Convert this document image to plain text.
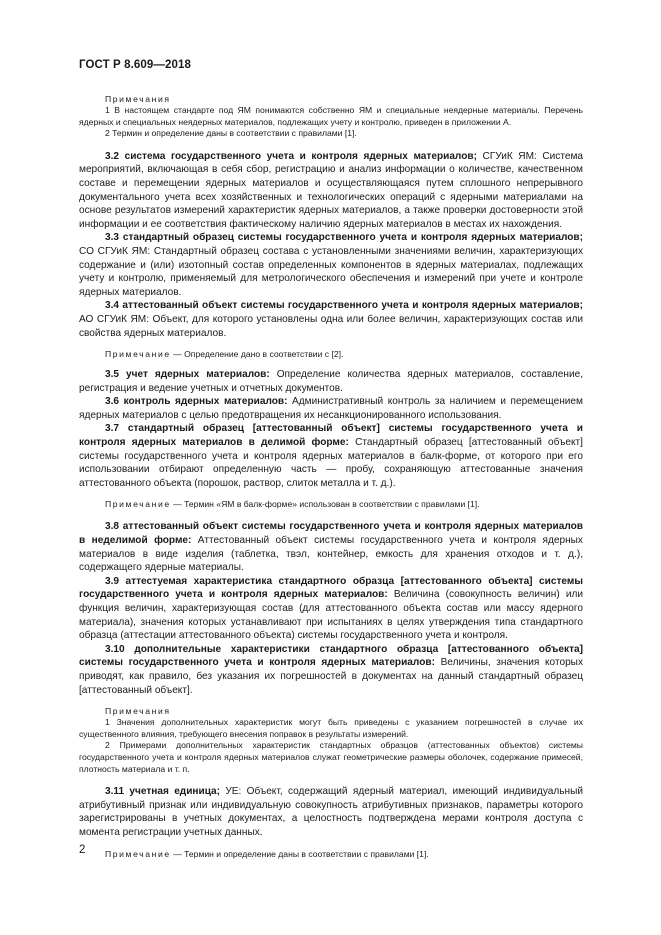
ГОСТ Р 8.609—2018
Примечания
1 В настоящем стандарте под ЯМ понимаются собственно ЯМ и специальные неядерные материалы. Перечень ядерных и специальных неядерных материалов, подлежащих учету и контролю, приведен в приложении А.
2 Термин и определение даны в соответствии с правилами [1].
3.2 система государственного учета и контроля ядерных материалов; СГУиК ЯМ: Система мероприятий, включающая в себя сбор, регистрацию и анализ информации о количестве, качественном составе и перемещении ядерных материалов и осуществляющаяся путем сплошного непрерывного документального учета всех хозяйственных и технологических операций с ядерными материалами на основе результатов измерений характеристик ядерных материалов, а также проверки достоверности этой информации и ее соответствия фактическому наличию ядерных материалов в местах их нахождения.
3.3 стандартный образец системы государственного учета и контроля ядерных материалов; СО СГУиК ЯМ: Стандартный образец состава с установленными значениями величин, характеризующих содержание и (или) изотопный состав определенных компонентов в ядерных материалах, подлежащих учету и контролю, применяемый для метрологического обеспечения и измерений при учете и контроле ядерных материалов.
3.4 аттестованный объект системы государственного учета и контроля ядерных материалов; АО СГУиК ЯМ: Объект, для которого установлены одна или более величин, характеризующих состав или свойства ядерных материалов.
Примечание — Определение дано в соответствии с [2].
3.5 учет ядерных материалов: Определение количества ядерных материалов, составление, регистрация и ведение учетных и отчетных документов.
3.6 контроль ядерных материалов: Административный контроль за наличием и перемещением ядерных материалов с целью предотвращения их несанкционированного использования.
3.7 стандартный образец [аттестованный объект] системы государственного учета и контроля ядерных материалов в делимой форме: Стандартный образец [аттестованный объект] системы государственного учета и контроля ядерных материалов в балк-форме, от которого при его использовании отбирают определенную часть — пробу, сохраняющую аттестованные значения аттестованного объекта (порошок, раствор, слиток металла и т. д.).
Примечание — Термин «ЯМ в балк-форме» использован в соответствии с правилами [1].
3.8 аттестованный объект системы государственного учета и контроля ядерных материалов в неделимой форме: Аттестованный объект системы государственного учета и контроля ядерных материалов в виде изделия (таблетка, твэл, контейнер, емкость для хранения отходов и т. д.), содержащего ядерные материалы.
3.9 аттестуемая характеристика стандартного образца [аттестованного объекта] системы государственного учета и контроля ядерных материалов: Величина (совокупность величин) или функция величин, характеризующая состав (для аттестованного объекта состав или массу ядерного материала), значения которых устанавливают при испытаниях в целях утверждения типа стандартного образца (аттестации аттестованного объекта) системы государственного учета и контроля.
3.10 дополнительные характеристики стандартного образца [аттестованного объекта] системы государственного учета и контроля ядерных материалов: Величины, значения которых приводят, как правило, без указания их погрешностей в документах на данный стандартный образец [аттестованный объект].
Примечания
1 Значения дополнительных характеристик могут быть приведены с указанием погрешностей в случае их существенного влияния, требующего внесения поправок в результаты измерений.
2 Примерами дополнительных характеристик стандартных образцов (аттестованных объектов) системы государственного учета и контроля ядерных материалов служат геометрические размеры оболочек, содержание примесей, плотность материала и т. п.
3.11 учетная единица; УЕ: Объект, содержащий ядерный материал, имеющий индивидуальный атрибутивный признак или индивидуальную совокупность атрибутивных признаков, параметры которого зарегистрированы в учетных документах, а целостность подтверждена мерами контроля доступа с момента регистрации учетных данных.
Примечание — Термин и определение даны в соответствии с правилами [1].
2
